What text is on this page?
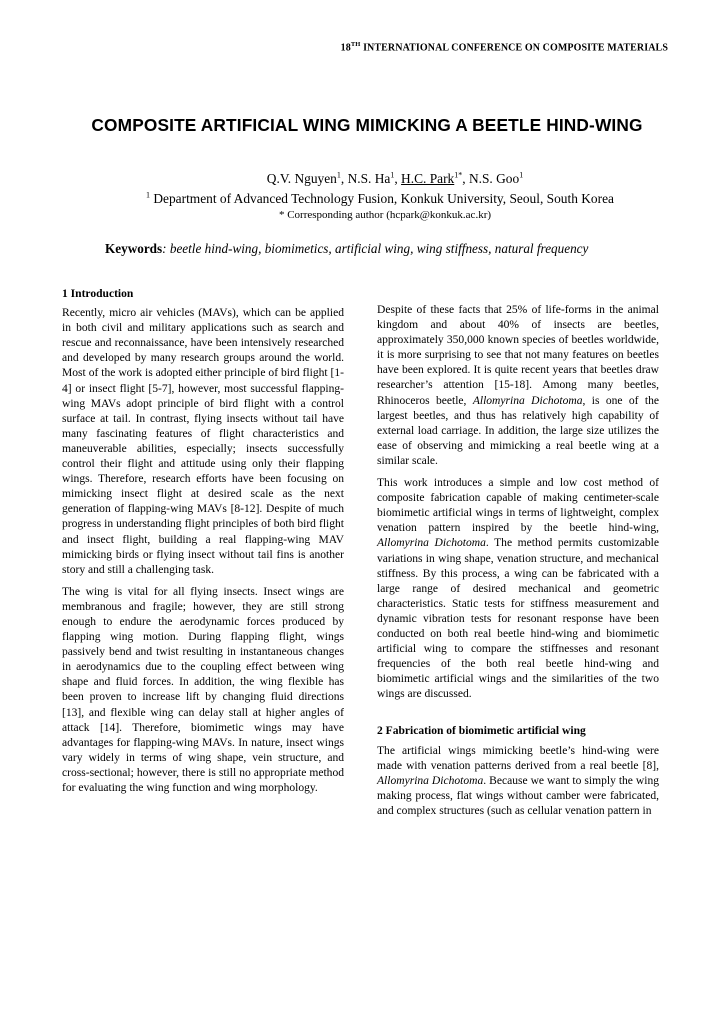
18TH INTERNATIONAL CONFERENCE ON COMPOSITE MATERIALS
COMPOSITE ARTIFICIAL WING MIMICKING A BEETLE HIND-WING
Q.V. Nguyen$^1$, N.S. Ha$^1$, H.C. Park$^{1*}$, N.S. Goo$^1$
$^1$ Department of Advanced Technology Fusion, Konkuk University, Seoul, South Korea
* Corresponding author (hcpark@konkuk.ac.kr)
Keywords: beetle hind-wing, biomimetics, artificial wing, wing stiffness, natural frequency
1 Introduction

Recently, micro air vehicles (MAVs), which can be applied in both civil and military applications such as search and rescue and reconnaissance, have been intensively researched and developed by many research groups around the world. Most of the work is adopted either principle of bird flight [1-4] or insect flight [5-7], however, most successful flapping-wing MAVs adopt principle of bird flight with a control surface at tail. In contrast, flying insects without tail have many fascinating features of flight characteristics and maneuverable abilities, especially; insects successfully control their flight and attitude using only their flapping wings. Therefore, research efforts have been focusing on mimicking insect flight at desired scale as the next generation of flapping-wing MAVs [8-12]. Despite of much progress in understanding flight principles of both bird flight and insect flight, building a real flapping-wing MAV mimicking birds or flying insect without tail fins is another story and still a challenging task.

The wing is vital for all flying insects. Insect wings are membranous and fragile; however, they are still strong enough to endure the aerodynamic forces produced by flapping wing motion. During flapping flight, wings passively bend and twist resulting in instantaneous changes in aerodynamics due to the coupling effect between wing shape and fluid forces. In addition, the wing flexible has been proven to increase lift by changing fluid directions [13], and flexible wing can delay stall at higher angles of attack [14]. Therefore, biomimetic wings may have advantages for flapping-wing MAVs. In nature, insect wings vary widely in terms of wing shape, vein structure, and cross-sectional; however, there is still no appropriate method for evaluating the wing function and wing morphology.

Despite of these facts that 25% of life-forms in the animal kingdom and about 40% of insects are beetles, approximately 350,000 known species of beetles worldwide, it is more surprising to see that not many features on beetles have been explored. It is quite recent years that beetles draw researcher’s attention [15-18]. Among many beetles, Rhinoceros beetle, Allomyrina Dichotoma, is one of the largest beetles, and thus has relatively high capability of external load carriage. In addition, the large size utilizes the ease of observing and mimicking a real beetle wing at a similar scale.

This work introduces a simple and low cost method of composite fabrication capable of making centimeter-scale biomimetic artificial wings in terms of lightweight, complex venation pattern inspired by the beetle hind-wing, Allomyrina Dichotoma. The method permits customizable variations in wing shape, venation structure, and mechanical stiffness. By this process, a wing can be fabricated with a large range of desired mechanical and geometric characteristics. Static tests for stiffness measurement and dynamic vibration tests for resonant response have been conducted on both real beetle hind-wing and biomimetic artificial wing to compare the stiffnesses and resonant frequencies of the both real beetle hind-wing and biomimetic artificial wings and the similarities of the two wings are discussed.

2 Fabrication of biomimetic artificial wing

The artificial wings mimicking beetle’s hind-wing were made with venation patterns derived from a real beetle [8], Allomyrina Dichotoma. Because we want to simply the wing making process, flat wings without camber were fabricated, and complex structures (such as cellular venation pattern in
